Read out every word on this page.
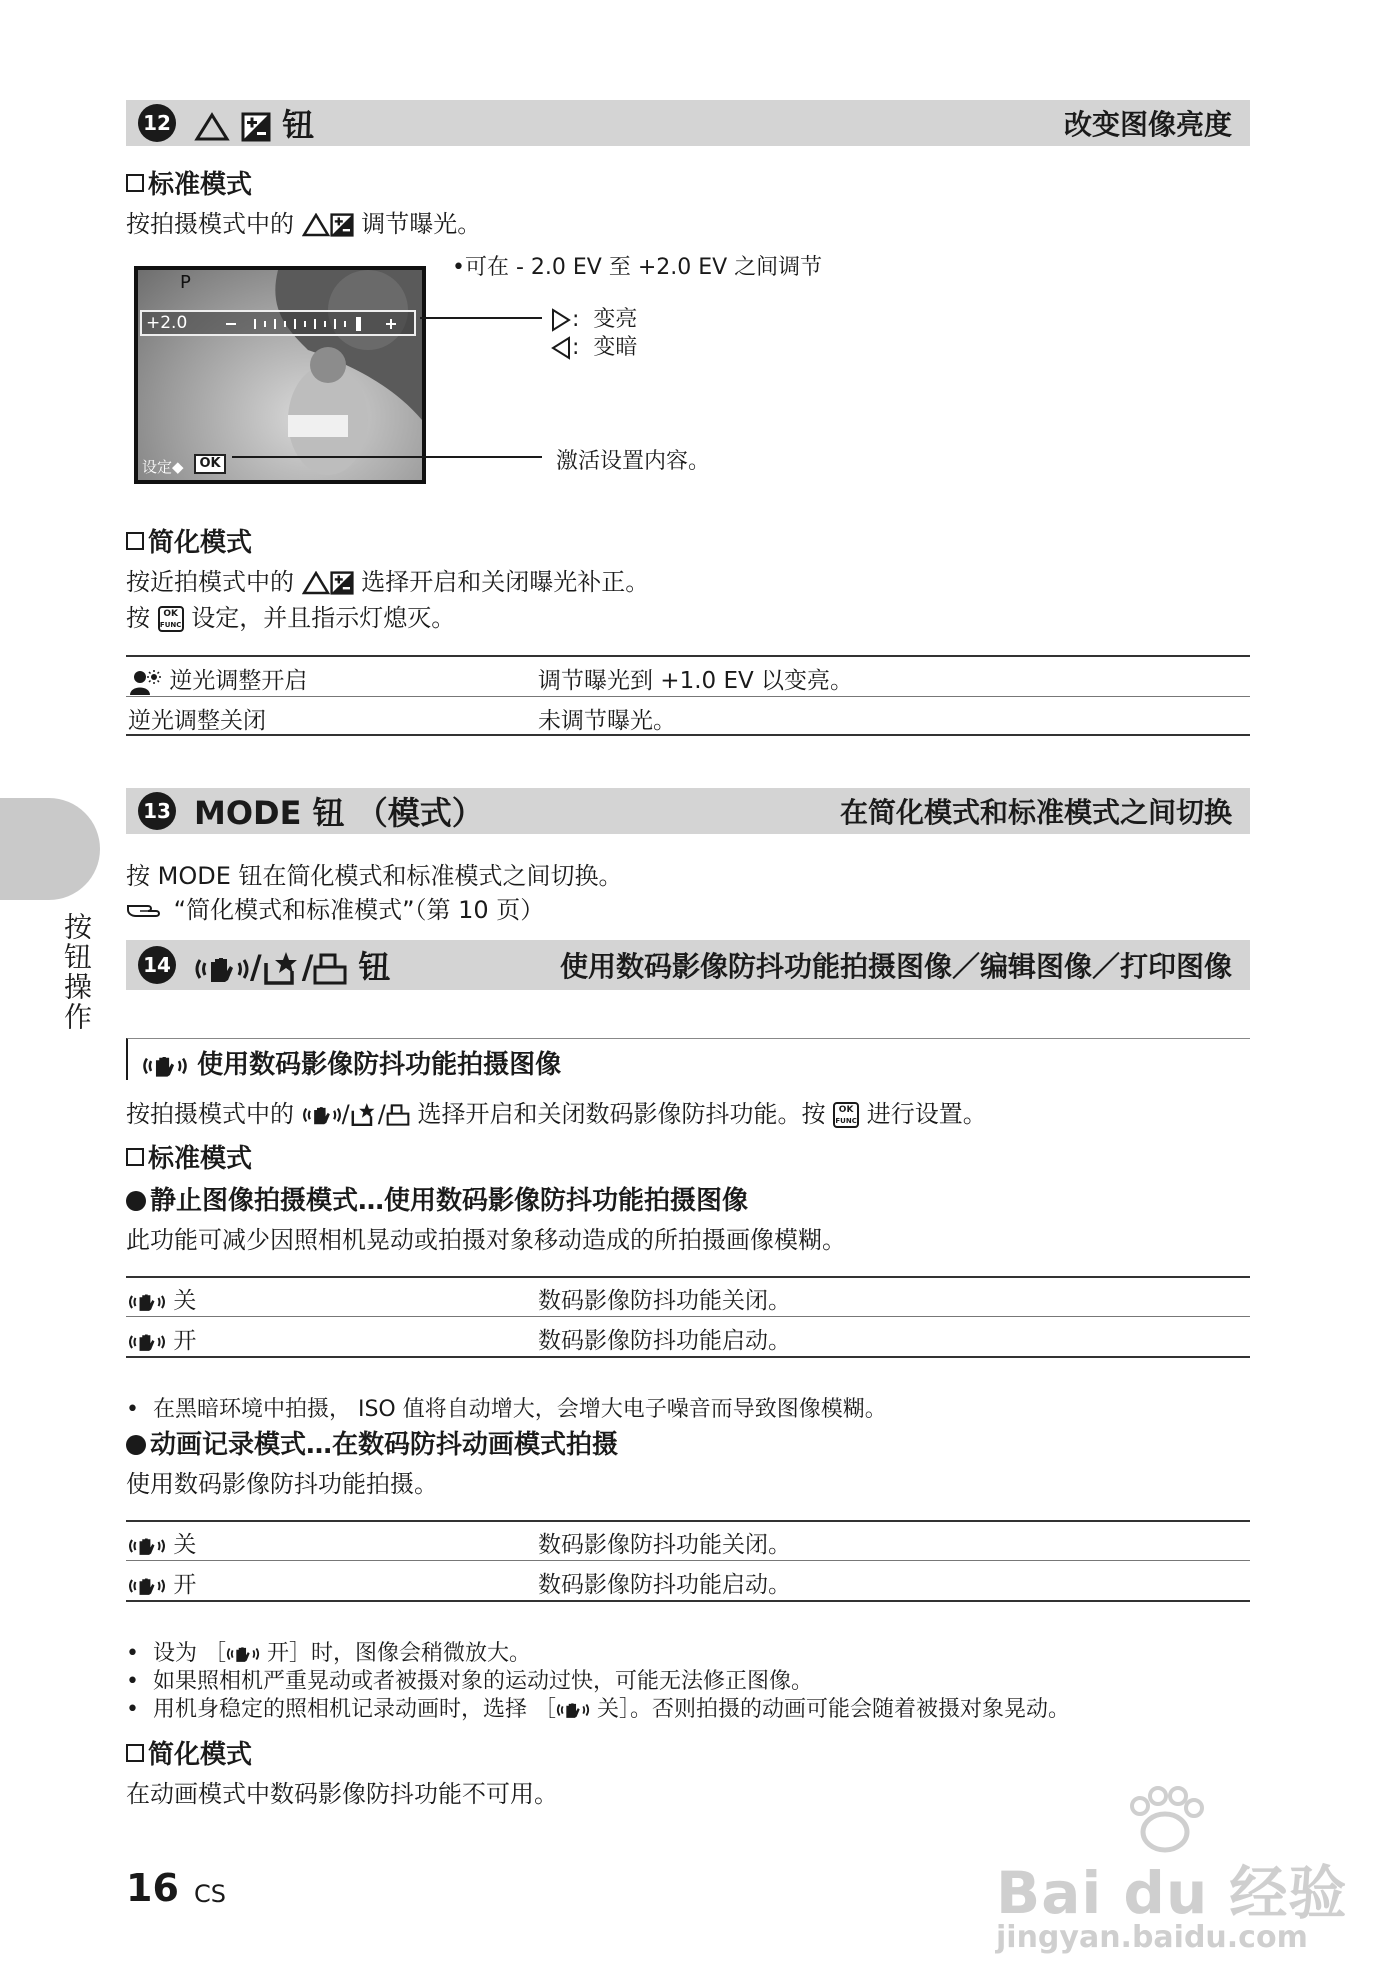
按钮操作
12	钮	改变图像亮度
标准模式
按拍摄模式中的	调节曝光。
P
+2.0
设定◆	OK
•可在 - 2.0 EV 至 +2.0 EV 之间调节
:  变亮
:  变暗
激活设置内容。
简化模式
按近拍模式中的	选择开启和关闭曝光补正。
按 OK
FUNC 设定，并且指示灯熄灭。
逆光调整开启	调节曝光到 +1.0 EV 以变亮。
逆光调整关闭	未调节曝光。
13 MODE 钮 （模式）	在简化模式和标准模式之间切换
按 MODE 钮在简化模式和标准模式之间切换。
“简化模式和标准模式”（第 10 页）
14	/ / 钮	使用数码影像防抖功能拍摄图像／编辑图像／打印图像
使用数码影像防抖功能拍摄图像
按拍摄模式中的 / / 选择开启和关闭数码影像防抖功能。按 OK
FUNC 进行设置。
标准模式
静止图像拍摄模式…使用数码影像防抖功能拍摄图像
此功能可减少因照相机晃动或拍摄对象移动造成的所拍摄画像模糊。
关	数码影像防抖功能关闭。
开	数码影像防抖功能启动。
•  在黑暗环境中拍摄， ISO 值将自动增大，会增大电子噪音而导致图像模糊。
动画记录模式…在数码防抖动画模式拍摄
使用数码影像防抖功能拍摄。
关	数码影像防抖功能关闭。
开	数码影像防抖功能启动。
•  设为 ［ 开］时，图像会稍微放大。
•  如果照相机严重晃动或者被摄对象的运动过快，可能无法修正图像。
•  用机身稳定的照相机记录动画时，选择 ［ 关］。否则拍摄的动画可能会随着被摄对象晃动。
简化模式
在动画模式中数码影像防抖功能不可用。
16 CS	Bai du 经验
jingyan.baidu.com
